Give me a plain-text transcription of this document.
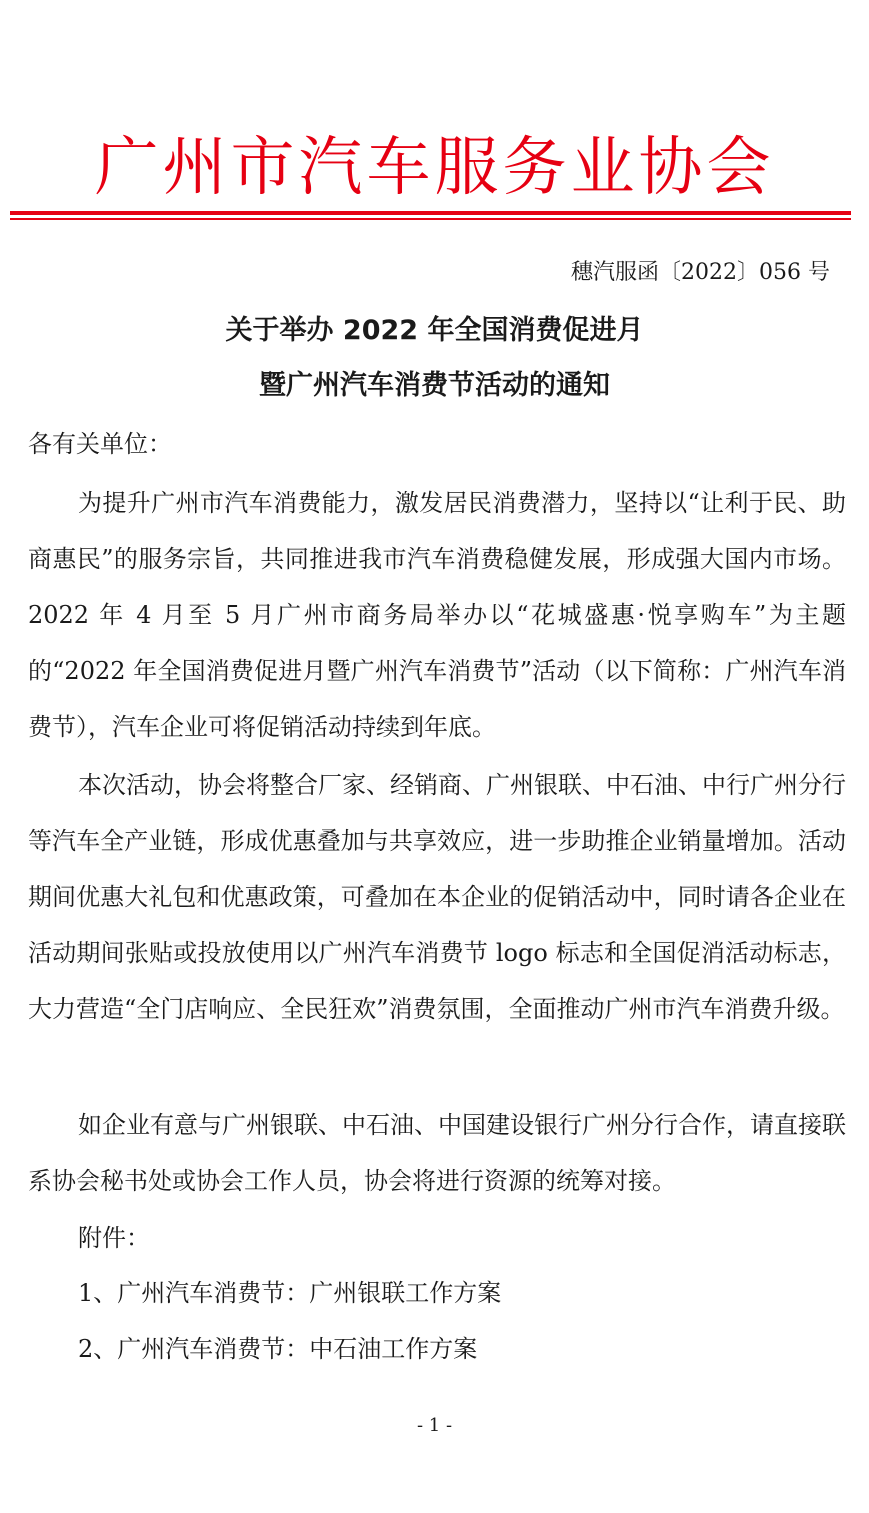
广州市汽车服务业协会
穗汽服函〔2022〕056 号
关于举办 2022 年全国消费促进月
暨广州汽车消费节活动的通知
各有关单位：

为提升广州市汽车消费能力，激发居民消费潜力，坚持以“让利于民、助商惠民”的服务宗旨，共同推进我市汽车消费稳健发展，形成强大国内市场。2022 年 4 月至 5 月广州市商务局举办以“花城盛惠·悦享购车”为主题的“2022 年全国消费促进月暨广州汽车消费节”活动（以下简称：广州汽车消费节），汽车企业可将促销活动持续到年底。

本次活动，协会将整合厂家、经销商、广州银联、中石油、中行广州分行等汽车全产业链，形成优惠叠加与共享效应，进一步助推企业销量增加。活动期间优惠大礼包和优惠政策，可叠加在本企业的促销活动中，同时请各企业在活动期间张贴或投放使用以广州汽车消费节 logo 标志和全国促消活动标志，大力营造“全门店响应、全民狂欢”消费氛围，全面推动广州市汽车消费升级。

如企业有意与广州银联、中石油、中国建设银行广州分行合作，请直接联系协会秘书处或协会工作人员，协会将进行资源的统筹对接。

附件：
1、广州汽车消费节：广州银联工作方案
2、广州汽车消费节：中石油工作方案
- 1 -
